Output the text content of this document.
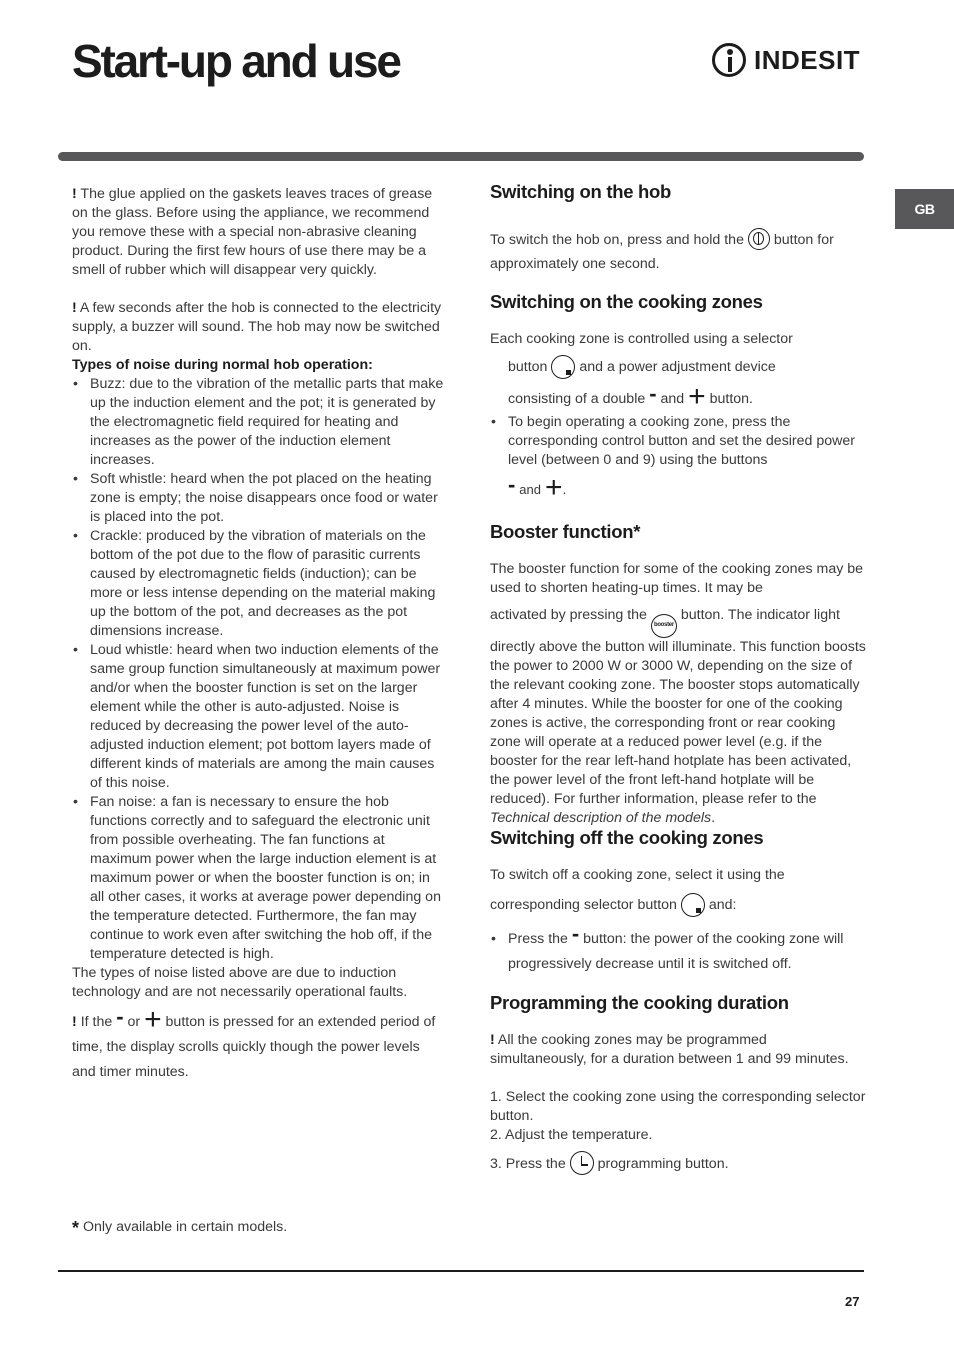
Start-up and use	INDESIT
GB

! The glue applied on the gaskets leaves traces of grease on the glass. Before using the appliance, we recommend you remove these with a special non-abrasive cleaning product. During the first few hours of use there may be a smell of rubber which will disappear very quickly.

! A few seconds after the hob is connected to the electricity supply, a buzzer will sound. The hob may now be switched on.

Types of noise during normal hob operation:

• Buzz: due to the vibration of the metallic parts that make up the induction element and the pot; it is generated by the electromagnetic field required for heating and increases as the power of the induction element increases.
• Soft whistle: heard when the pot placed on the heating zone is empty; the noise disappears once food or water is placed into the pot.
• Crackle: produced by the vibration of materials on the bottom of the pot due to the flow of parasitic currents caused by electromagnetic fields (induction); can be more or less intense depending on the material making up the bottom of the pot, and decreases as the pot dimensions increase.
• Loud whistle: heard when two induction elements of the same group function simultaneously at maximum power and/or when the booster function is set on the larger element while the other is auto-adjusted. Noise is reduced by decreasing the power level of the auto-adjusted induction element; pot bottom layers made of different kinds of materials are among the main causes of this noise.
• Fan noise: a fan is necessary to ensure the hob functions correctly and to safeguard the electronic unit from possible overheating. The fan functions at maximum power when the large induction element is at maximum power or when the booster function is on; in all other cases, it works at average power depending on the temperature detected. Furthermore, the fan may continue to work even after switching the hob off, if the temperature detected is high.

The types of noise listed above are due to induction technology and are not necessarily operational faults.

! If the - or + button is pressed for an extended period of time, the display scrolls quickly though the power levels and timer minutes.

* Only available in certain models.
Switching on the hob

To switch the hob on, press and hold the button for approximately one second.

Switching on the cooking zones

Each cooking zone is controlled using a selector

button and a power adjustment device

consisting of a double - and + button.

• To begin operating a cooking zone, press the corresponding control button and set the desired power level (between 0 and 9) using the buttons
- and +.
Booster function*

The booster function for some of the cooking zones may be used to shorten heating-up times. It may be

activated by pressing the booster button. The indicator light directly above the button will illuminate. This function boosts the power to 2000 W or 3000 W, depending on the size of the relevant cooking zone. The booster stops automatically after 4 minutes. While the booster for one of the cooking zones is active, the corresponding front or rear cooking zone will operate at a reduced power level (e.g. if the booster for the rear left-hand hotplate has been activated, the power level of the front left-hand hotplate will be reduced). For further information, please refer to the Technical description of the models.

Switching off the cooking zones

To switch off a cooking zone, select it using the

corresponding selector button and:

• Press the - button: the power of the cooking zone will progressively decrease until it is switched off.
Programming the cooking duration

! All the cooking zones may be programmed simultaneously, for a duration between 1 and 99 minutes.

1. Select the cooking zone using the corresponding selector button.

2. Adjust the temperature.

3. Press the programming button.

27
